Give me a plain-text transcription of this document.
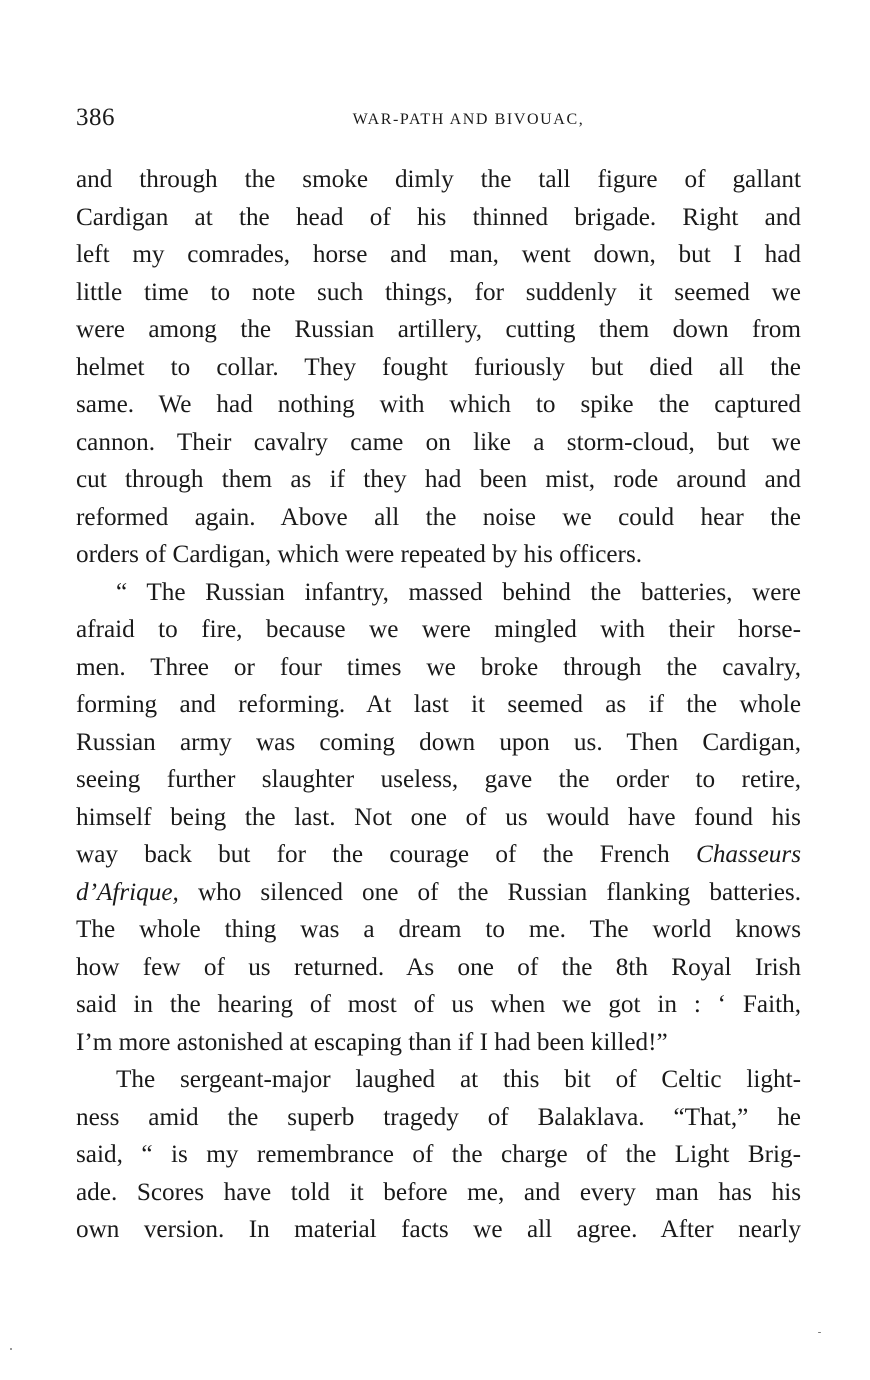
386	WAR-PATH AND BIVOUAC,
and through the smoke dimly the tall figure of gallant
Cardigan at the head of his thinned brigade. Right and
left my comrades, horse and man, went down, but I had
little time to note such things, for suddenly it seemed we
were among the Russian artillery, cutting them down from
helmet to collar. They fought furiously but died all the
same. We had nothing with which to spike the captured
cannon. Their cavalry came on like a storm-cloud, but we
cut through them as if they had been mist, rode around and
reformed again. Above all the noise we could hear the
orders of Cardigan, which were repeated by his officers.
“ The Russian infantry, massed behind the batteries, were
afraid to fire, because we were mingled with their horse-
men. Three or four times we broke through the cavalry,
forming and reforming. At last it seemed as if the whole
Russian army was coming down upon us. Then Cardigan,
seeing further slaughter useless, gave the order to retire,
himself being the last. Not one of us would have found his
way back but for the courage of the French Chasseurs
d’Afrique, who silenced one of the Russian flanking batteries.
The whole thing was a dream to me. The world knows
how few of us returned. As one of the 8th Royal Irish
said in the hearing of most of us when we got in : ‘ Faith,
I’m more astonished at escaping than if I had been killed!”
The sergeant-major laughed at this bit of Celtic light-
ness amid the superb tragedy of Balaklava. “That,” he
said, “ is my remembrance of the charge of the Light Brig-
ade. Scores have told it before me, and every man has his
own version. In material facts we all agree. After nearly
